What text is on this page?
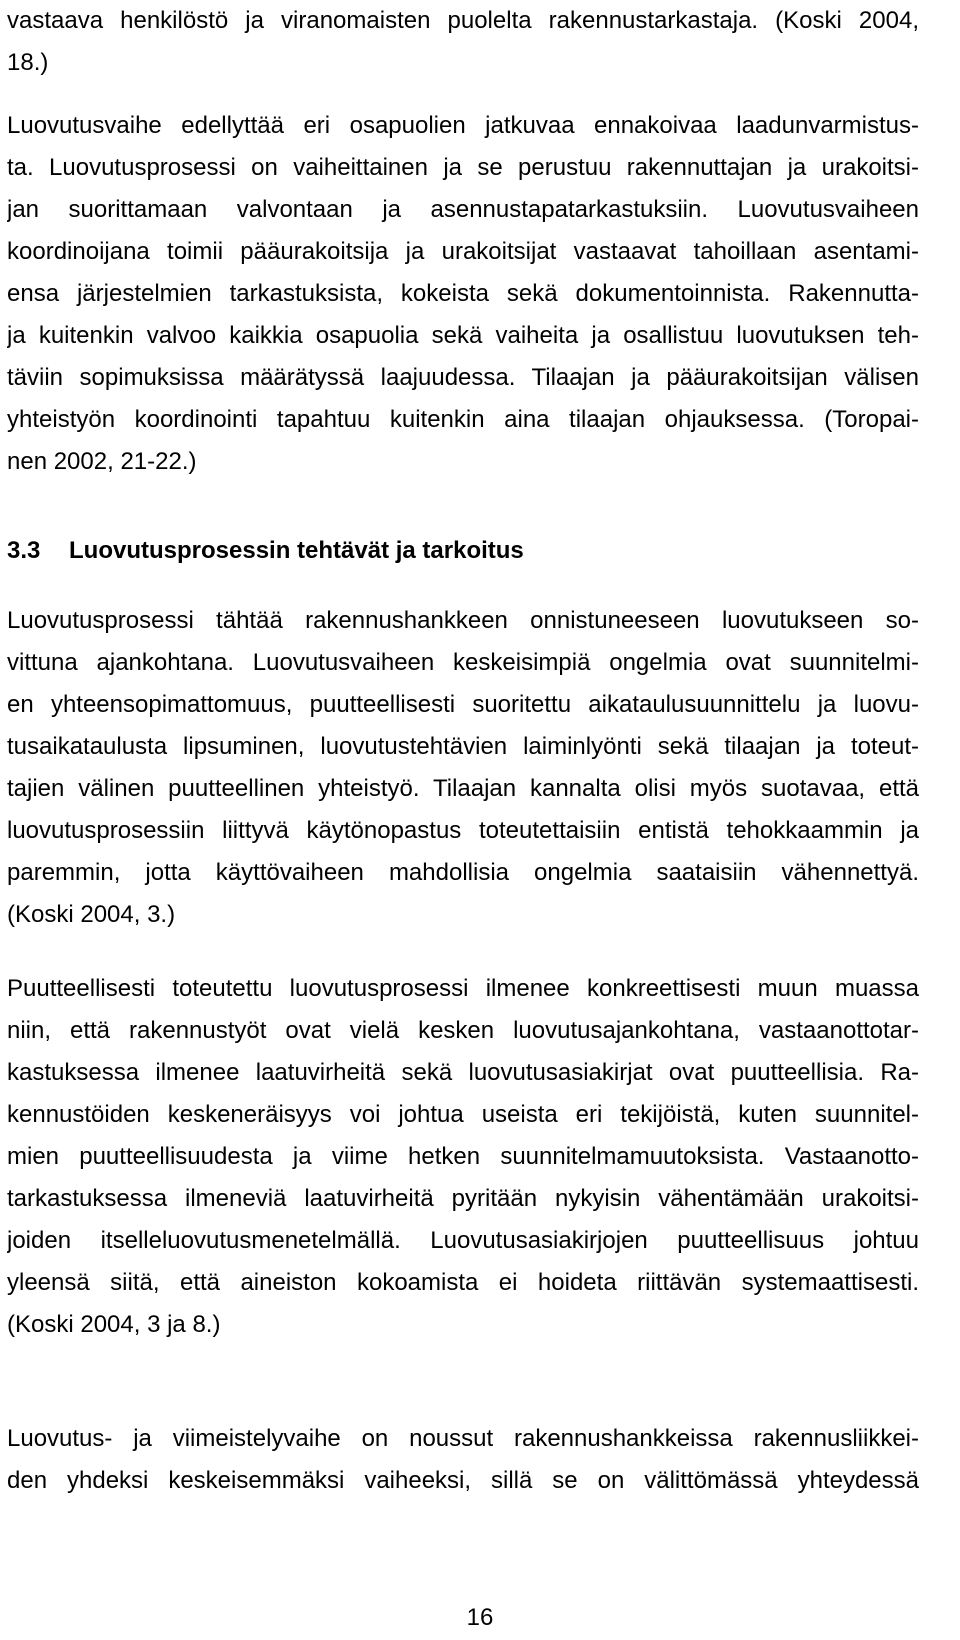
vastaava henkilöstö ja viranomaisten puolelta rakennustarkastaja. (Koski 2004,
18.)
Luovutusvaihe edellyttää eri osapuolien jatkuvaa ennakoivaa laadunvarmistus-
ta. Luovutusprosessi on vaiheittainen ja se perustuu rakennuttajan ja urakoitsi-
jan suorittamaan valvontaan ja asennustapatarkastuksiin. Luovutusvaiheen
koordinoijana toimii pääurakoitsija ja urakoitsijat vastaavat tahoillaan asentami-
ensa järjestelmien tarkastuksista, kokeista sekä dokumentoinnista. Rakennutta-
ja kuitenkin valvoo kaikkia osapuolia sekä vaiheita ja osallistuu luovutuksen teh-
täviin sopimuksissa määrätyssä laajuudessa. Tilaajan ja pääurakoitsijan välisen
yhteistyön koordinointi tapahtuu kuitenkin aina tilaajan ohjauksessa. (Toropai-
nen 2002, 21-22.)
3.3 Luovutusprosessin tehtävät ja tarkoitus
Luovutusprosessi tähtää rakennushankkeen onnistuneeseen luovutukseen so-
vittuna ajankohtana. Luovutusvaiheen keskeisimpiä ongelmia ovat suunnitelmi-
en yhteensopimattomuus, puutteellisesti suoritettu aikataulusuunnittelu ja luovu-
tusaikataulusta lipsuminen, luovutustehtävien laiminlyönti sekä tilaajan ja toteut-
tajien välinen puutteellinen yhteistyö. Tilaajan kannalta olisi myös suotavaa, että
luovutusprosessiin liittyvä käytönopastus toteutettaisiin entistä tehokkaammin ja
paremmin, jotta käyttövaiheen mahdollisia ongelmia saataisiin vähennettyä.
(Koski 2004, 3.)
Puutteellisesti toteutettu luovutusprosessi ilmenee konkreettisesti muun muassa
niin, että rakennustyöt ovat vielä kesken luovutusajankohtana, vastaanottotar-
kastuksessa ilmenee laatuvirheitä sekä luovutusasiakirjat ovat puutteellisia. Ra-
kennustöiden keskeneräisyys voi johtua useista eri tekijöistä, kuten suunnitel-
mien puutteellisuudesta ja viime hetken suunnitelmamuutoksista. Vastaanotto-
tarkastuksessa ilmeneviä laatuvirheitä pyritään nykyisin vähentämään urakoitsi-
joiden itselleluovutusmenetelmällä. Luovutusasiakirjojen puutteellisuus johtuu
yleensä siitä, että aineiston kokoamista ei hoideta riittävän systemaattisesti.
(Koski 2004, 3 ja 8.)
Luovutus- ja viimeistelyvaihe on noussut rakennushankkeissa rakennusliikkei-
den yhdeksi keskeisemmäksi vaiheeksi, sillä se on välittömässä yhteydessä
16
